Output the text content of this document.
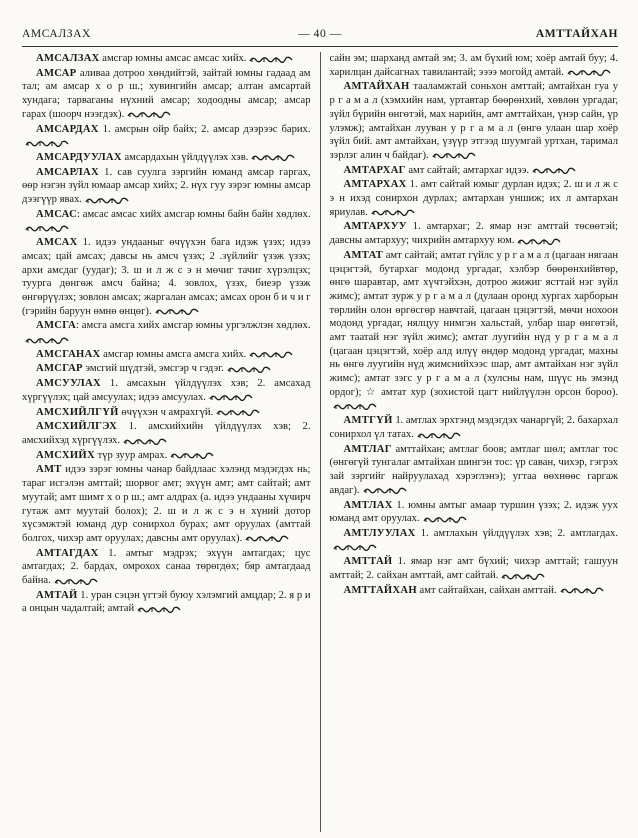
АМСАЛЗАХ	— 40 —	АМТТАЙХАН

АМСАЛЗАХ амсгар юмны амсас амсас хийх.

АМСАР аливаа дотроо хөндийтэй, зайтай юмны гадаад ам тал; ам амсар х о р ш.; хувингийн амсар; алтан амсартай хундага; тарваганы нүхний амсар; ходоодны амсар; амсар гарах (шоорч нээгдэх).

АМСАРДАХ 1. амсрын ойр байх; 2. амсар дээрээс барих.

АМСАРДУУЛАХ амсардахын үйлдүүлэх хэв.

АМСАРЛАХ 1. сав суулга зэргийн юманд амсар гаргах, өөр нэгэн зүйл юмаар амсар хийх; 2. нүх гуу зэрэг юмны амсар дээгүүр явах.

АМСАС: амсас амсас хийх амсгар юмны байн байн хөдлөх.

АМСАХ 1. идээ ундааныг өчүүхэн бага идэж үзэх; идээ амсах; цай амсах; давсы нь амсч үзэх; 2 .зүйлийг үзэж үзэх; архи амсдаг (уудаг); 3. ш и л ж с э н мөчиг тачиг хүрэлцэх; туурга дөнгөж амсч байна; 4. зовлох, үзэх, биеэр үзэж өнгөрүүлэх; зовлон амсах; жаргалан амсах; амсах орон б и ч и г (гэрийн баруун өмнө өнцөг).

АМСГА: амсга амсга хийх амсгар юмны ургэлжлэн хөдлөх.

АМСГАНАХ амсгар юмны амсга амсга хийх.

АМСГАР эмсгий шүдтэй, эмсгэр ч гэдэг.

АМСУУЛАХ 1. амсахын үйлдүүлэх хэв; 2. амсахад хүргүүлэх; цай амсуулах; идээ амсуулах.

АМСХИЙЛГҮЙ өчүүхэн ч амрахгүй.

АМСХИЙЛГЭХ 1. амсхийхийн үйлдүүлэх хэв; 2. амсхийхэд хүргүүлэх.

АМСХИЙХ түр зуур амрах.

АМТ идээ зэрэг юмны чанар байдлаас хэлэнд мэдэгдэх нь; тараг исгэлэн амттай; шорвог амт; эхүүн амт; амт сайтай; амт муутай; амт шимт х о р ш.; амт алдрах (а. идээ ундааны хүчирч гутаж амт муутай болох); 2. ш и л ж с э н хүний дотор хүсэмжтэй юманд дур сонирхол бурах; амт оруулах (амттай болгох, чихэр амт оруулах; давсны амт оруулах).

АМТАГДАХ 1. амтыг мэдрэх; эхүүн амтагдах; цус амтагдах; 2. бардах, омрохох санаа төрөгдөх; бяр амтагдаад байна.

АМТАЙ 1. уран сэцэн үгтэй буюу хэлэмгий амцдар; 2. я р и а онцын чадалтай; амтай

сайн эм; шарханд амтай эм; 3. ам бүхий юм; хоёр амтай буу; 4. харилцан дайсагнах тавилантай; ээээ могойд амтай.

АМТАЙХАН тааламжтай соньхон амттай; амтайхан гуа у р г а м а л (хэмхийн нам, уртавтар бөөрөнхий, хөвлөн ургадаг, зүйл бүрийн өнгөтэй, мах нарийн, амт амттайхан, үнэр сайн, үр улэмж); амтайхан лууван у р г а м а л (өнгө улаан шар хоёр зүйл бий. амт амтайхан, үзүүр этгээд шуумгай уртхан, таримал зэрлэг алин ч байдаг).

АМТАРХАГ амт сайтай; амтархаг идээ.

АМТАРХАХ 1. амт сайтай юмыг дурлан идэх; 2. ш и л ж с э н ихэд сонирхон дурлах; амтархан уншиж; их л амтархан яриулав.

АМТАРХУУ 1. амтархаг; 2. ямар нэг амттай төсөөтэй; давсны амтархуу; чихрийн амтархуу юм.

АМТАТ амт сайтай; амтат гүйлс у р г а м а л (цагаан нягаан цэцэгтэй, бутархаг модонд ургадаг, хэлбэр бөөрөнхийвтөр, өнгө шаравтар, амт хүчтэйхэн, дотроо жижиг ясттай нэг зүйл жимс); амтат зурж у р г а м а л (дулаан оронд хургах харборын төрлийн олон өргөсгөр навчтай, цагаан цэцэгтэй, мөчи нохоон модонд ургадаг, нялцуу нимгэн хальстай, улбар шар өнгөтэй, амт таатай нэг зүйл жимс); амтат луугийн нүд у р г а м а л (цагаан цэцэгтэй, хоёр алд илүү өндөр модонд ургадаг, махны нь өнгө луугийн нүд жимснийхээс шар, амт амтайхан нэг зүйл жимс); амтат зэгс у р г а м а л (хулсны нам, шүүс нь эмэнд ордог); ☆ амтат хур (зохистой цагт нийлүүлэн орсон бороо).

АМТГҮЙ 1. амтлах эрхтэнд мэдэгдэх чанаргүй; 2. бахархал сонирхол үл татах.

АМТЛАГ амттайхан; амтлаг боов; амтлаг шөл; амтлаг тос (өнгөгүй тунгалаг амтайхан шингэн тос: үр саван, чихэр, гэгрэх зай зэргийг найруулахад хэрэглэнэ); угтаа өөхнөөс гаргаж авдаг).

АМТЛАХ 1. юмны амтыг амаар туршин үзэх; 2. идэж уух юманд амт оруулах.

АМТЛУУЛАХ 1. амтлахын үйлдүүлэх хэв; 2. амтлагдах.

АМТТАЙ 1. ямар нэг амт бүхий; чихэр амттай; гашуун амттай; 2. сайхан амттай, амт сайтай.

АМТТАЙХАН амт сайтайхан, сайхан амттай.
